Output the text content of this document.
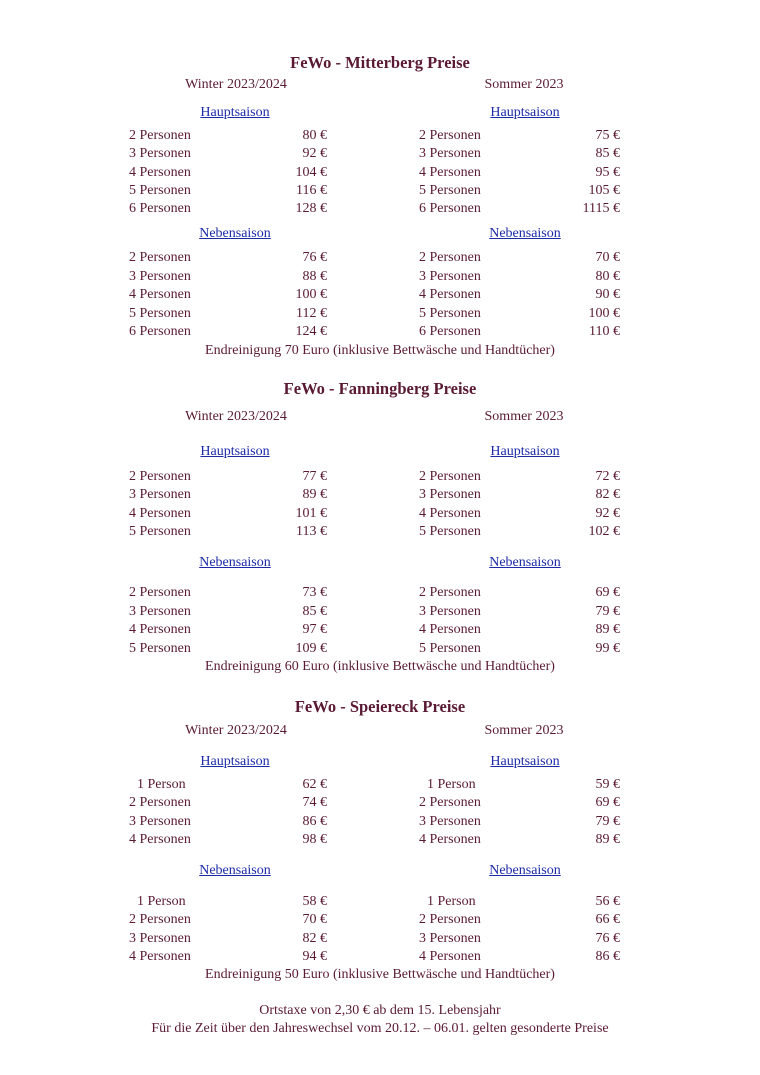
FeWo - Mitterberg Preise
Winter 2023/2024	Sommer 2023
Hauptsaison
2 Personen	80 €
3 Personen	92 €
4 Personen	104 €
5 Personen	116 €
6 Personen	128 €
Hauptsaison
2 Personen	75 €
3 Personen	85 €
4 Personen	95 €
5 Personen	105 €
6 Personen	1115 €
Nebensaison
2 Personen	76 €
3 Personen	88 €
4 Personen	100 €
5 Personen	112 €
6 Personen	124 €
Nebensaison
2 Personen	70 €
3 Personen	80 €
4 Personen	90 €
5 Personen	100 €
6 Personen	110 €
Endreinigung 70 Euro (inklusive Bettwäsche und Handtücher)
FeWo - Fanningberg Preise
Winter 2023/2024	Sommer 2023
Hauptsaison
2 Personen	77 €
3 Personen	89 €
4 Personen	101 €
5 Personen	113 €
Hauptsaison
2 Personen	72 €
3 Personen	82 €
4 Personen	92 €
5 Personen	102 €
Nebensaison
2 Personen	73 €
3 Personen	85 €
4 Personen	97 €
5 Personen	109 €
Nebensaison
2 Personen	69 €
3 Personen	79 €
4 Personen	89 €
5 Personen	99 €
Endreinigung 60 Euro (inklusive Bettwäsche und Handtücher)
FeWo - Speiereck Preise
Winter 2023/2024	Sommer 2023
Hauptsaison
1 Person	62 €
2 Personen	74 €
3 Personen	86 €
4 Personen	98 €
Hauptsaison
1 Person	59 €
2 Personen	69 €
3 Personen	79 €
4 Personen	89 €
Nebensaison
1 Person	58 €
2 Personen	70 €
3 Personen	82 €
4 Personen	94 €
Nebensaison
1 Person	56 €
2 Personen	66 €
3 Personen	76 €
4 Personen	86 €
Endreinigung 50 Euro (inklusive Bettwäsche und Handtücher)
Ortstaxe von 2,30 € ab dem 15. Lebensjahr
Für die Zeit über den Jahreswechsel vom 20.12. – 06.01. gelten gesonderte Preise
